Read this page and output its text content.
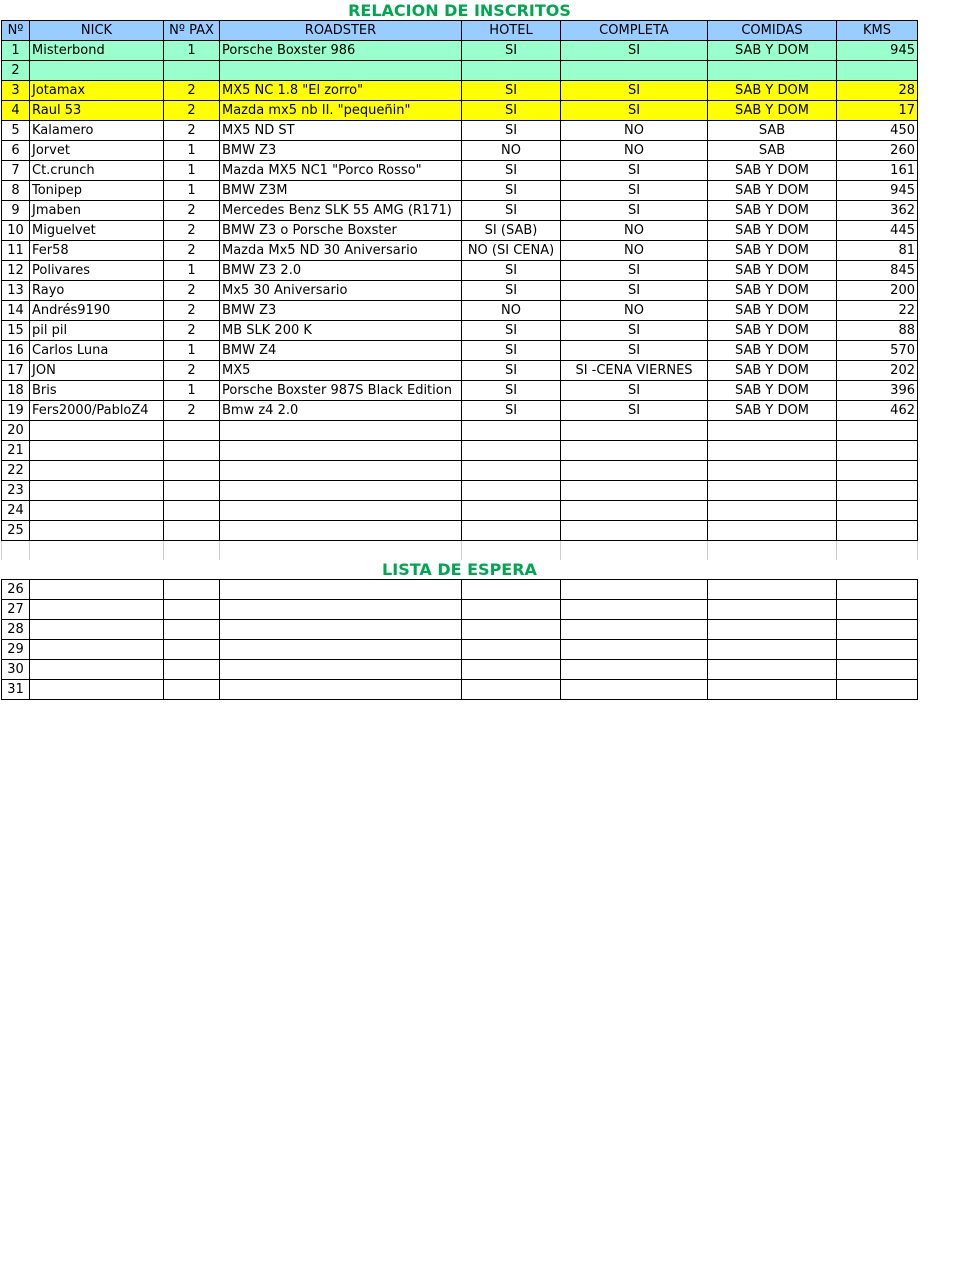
RELACION DE INSCRITOS							
Nº	NICK	Nº PAX	ROADSTER	HOTEL	COMPLETA	COMIDAS	KMS
1	Misterbond	1	Porsche Boxster 986	SI	SI	SAB Y DOM	945
2							
3	Jotamax	2	MX5 NC 1.8 "El zorro"	SI	SI	SAB Y DOM	28
4	Raul 53	2	Mazda mx5 nb II. "pequeñin"	SI	SI	SAB Y DOM	17
5	Kalamero	2	MX5 ND ST	SI	NO	SAB	450
6	Jorvet	1	BMW Z3	NO	NO	SAB	260
7	Ct.crunch	1	Mazda MX5 NC1 "Porco Rosso"	SI	SI	SAB Y DOM	161
8	Tonipep	1	BMW Z3M	SI	SI	SAB Y DOM	945
9	Jmaben	2	Mercedes Benz SLK 55 AMG (R171)	SI	SI	SAB Y DOM	362
10	Miguelvet	2	BMW Z3 o Porsche Boxster	SI (SAB)	NO	SAB Y DOM	445
11	Fer58	2	Mazda Mx5 ND 30 Aniversario	NO (SI CENA)	NO	SAB Y DOM	81
12	Polivares	1	BMW Z3 2.0	SI	SI	SAB Y DOM	845
13	Rayo	2	Mx5 30 Aniversario	SI	SI	SAB Y DOM	200
14	Andrés9190	2	BMW Z3	NO	NO	SAB Y DOM	22
15	pil pil	2	MB SLK 200 K	SI	SI	SAB Y DOM	88
16	Carlos Luna	1	BMW Z4	SI	SI	SAB Y DOM	570
17	JON	2	MX5	SI	SI -CENA VIERNES	SAB Y DOM	202
18	Bris	1	Porsche Boxster 987S Black Edition	SI	SI	SAB Y DOM	396
19	Fers2000/PabloZ4	2	Bmw z4 2.0	SI	SI	SAB Y DOM	462
20							
21							
22							
23							
24							
25							

LISTA DE ESPERA							
26							
27							
28							
29							
30							
31							
